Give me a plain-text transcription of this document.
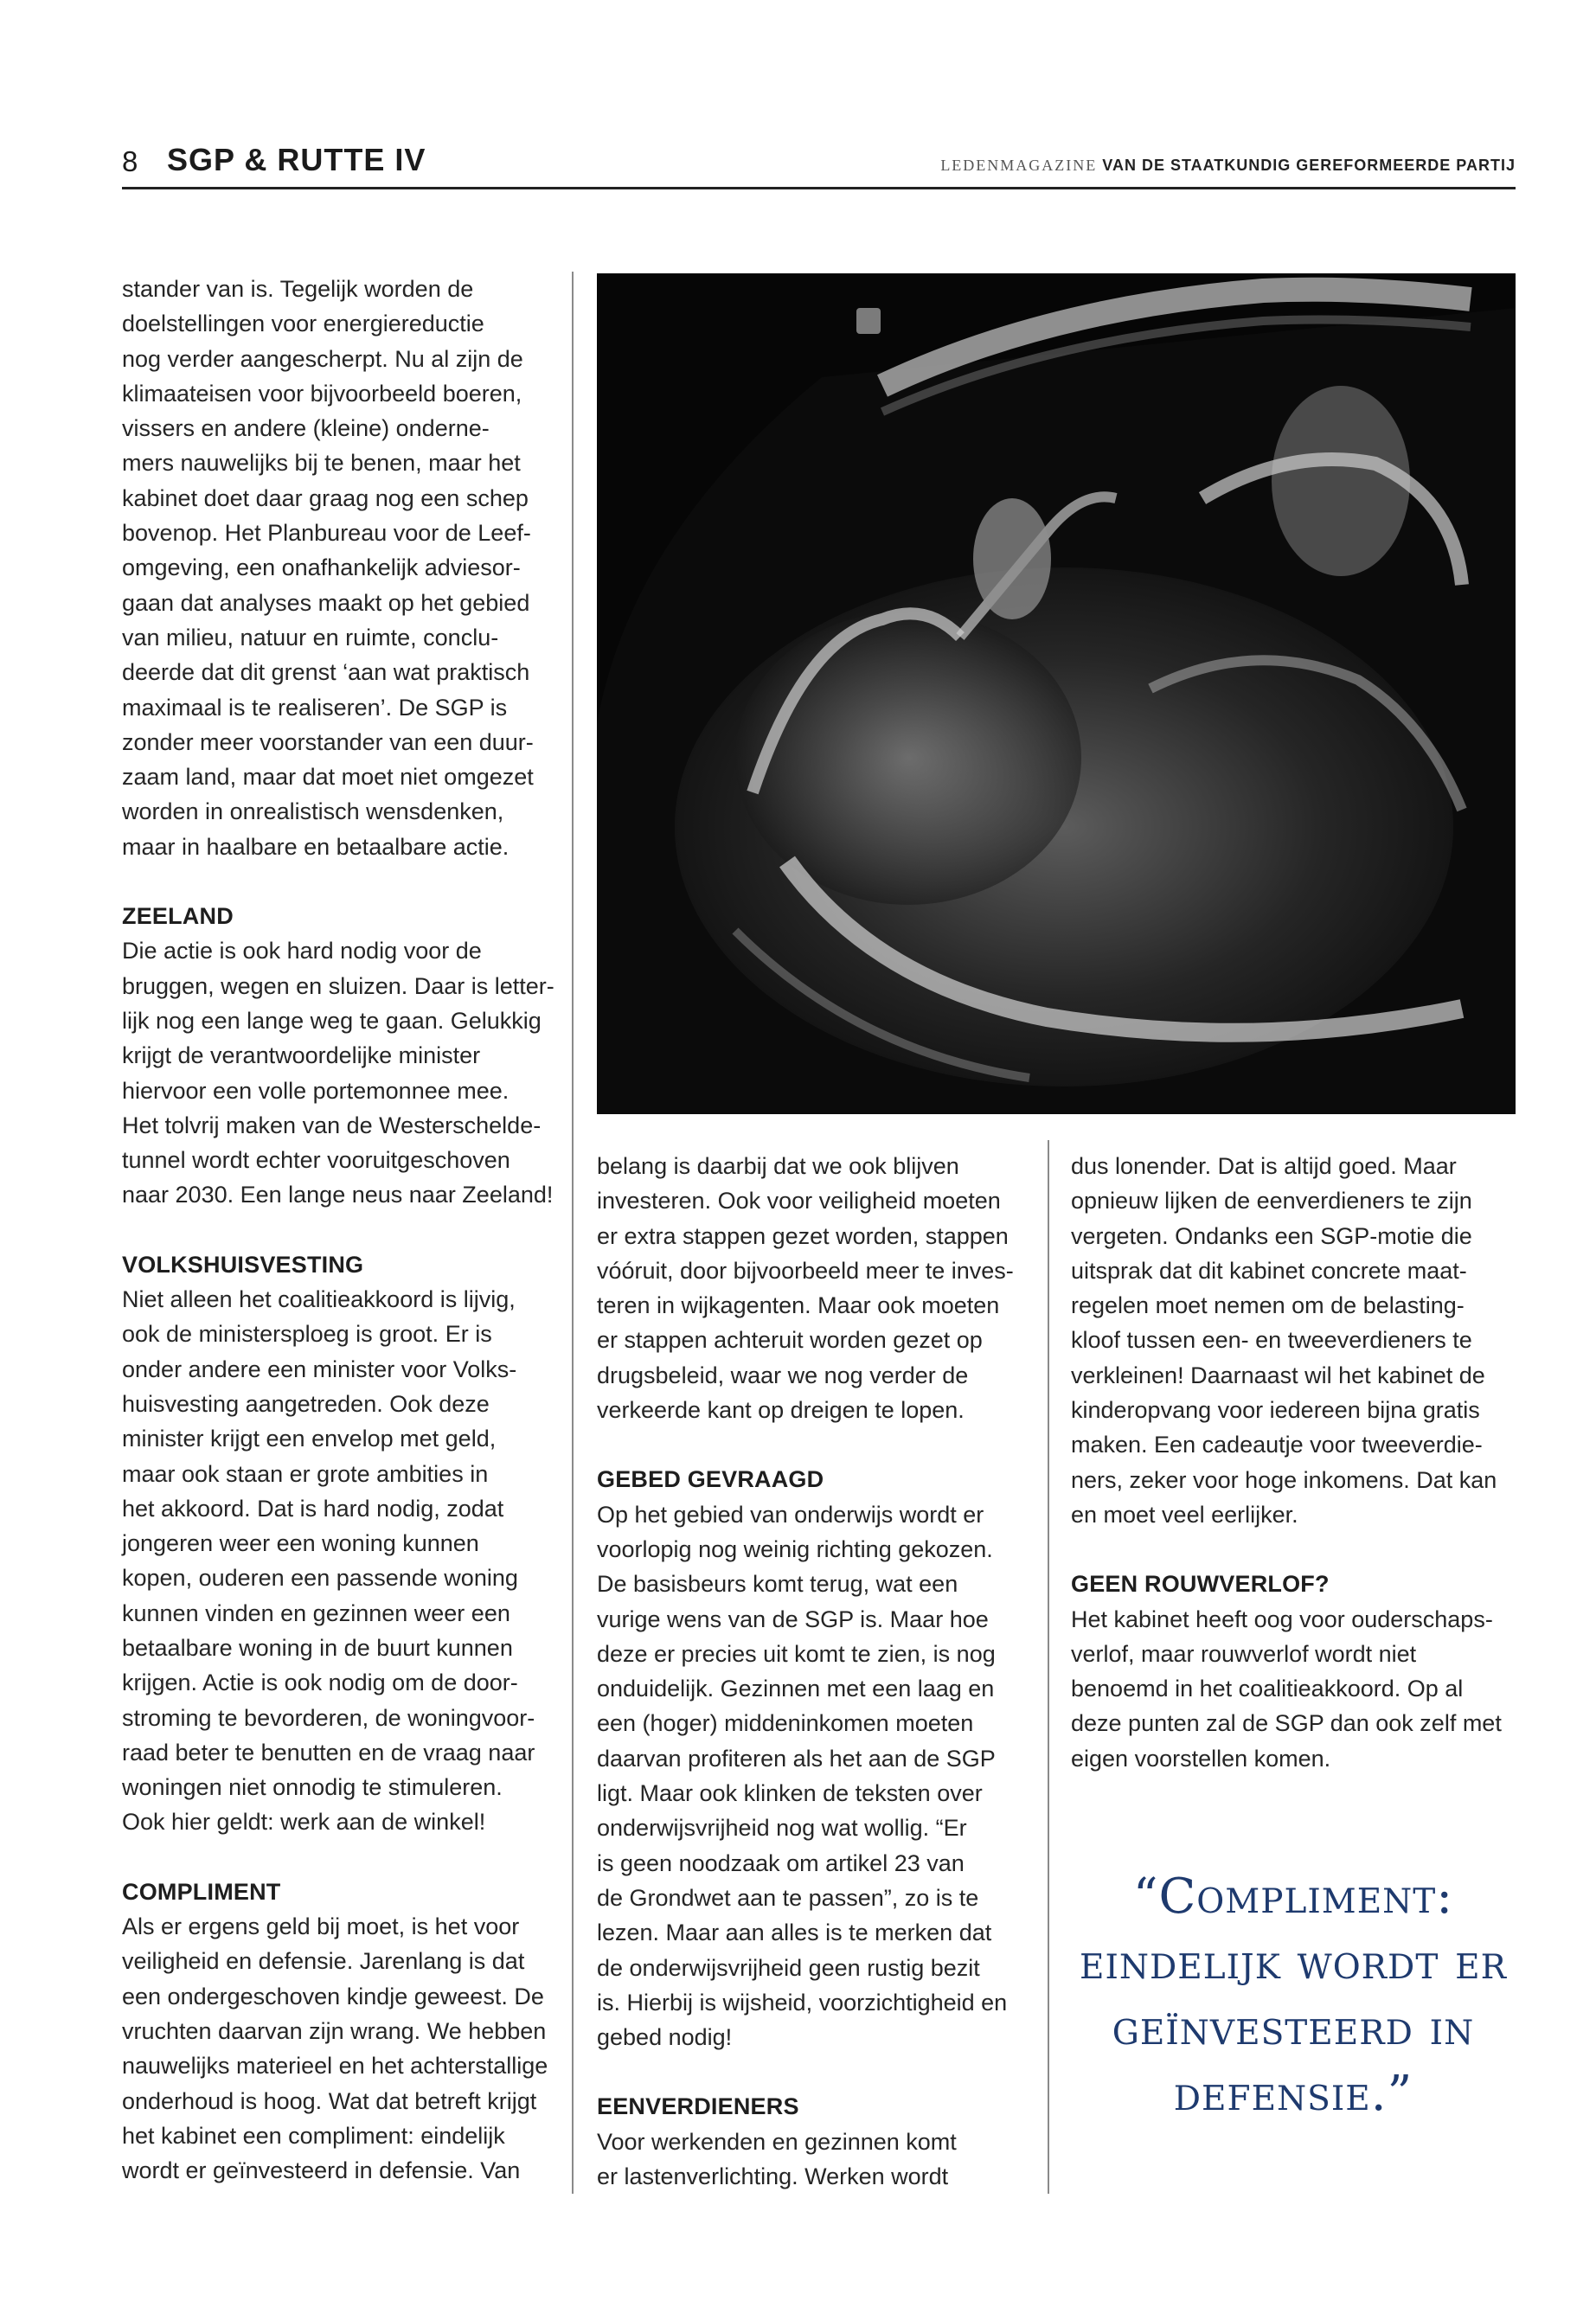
8 SGP & RUTTE IV	LEDENMAGAZINE VAN DE STAATKUNDIG GEREFORMEERDE PARTIJ
stander van is. Tegelijk worden de
doelstellingen voor energiereductie
nog verder aangescherpt. Nu al zijn de
klimaateisen voor bijvoorbeeld boeren,
vissers en andere (kleine) onderne-
mers nauwelijks bij te benen, maar het
kabinet doet daar graag nog een schep
bovenop. Het Planbureau voor de Leef-
omgeving, een onafhankelijk adviesor-
gaan dat analyses maakt op het gebied
van milieu, natuur en ruimte, conclu-
deerde dat dit grenst ‘aan wat praktisch
maximaal is te realiseren’. De SGP is
zonder meer voorstander van een duur-
zaam land, maar dat moet niet omgezet
worden in onrealistisch wensdenken,
maar in haalbare en betaalbare actie.
ZEELAND
Die actie is ook hard nodig voor de
bruggen, wegen en sluizen. Daar is letter-
lijk nog een lange weg te gaan. Gelukkig
krijgt de verantwoordelijke minister
hiervoor een volle portemonnee mee.
Het tolvrij maken van de Westerschelde-
tunnel wordt echter vooruitgeschoven
naar 2030. Een lange neus naar Zeeland!
VOLKSHUISVESTING
Niet alleen het coalitieakkoord is lijvig,
ook de ministersploeg is groot. Er is
onder andere een minister voor Volks-
huisvesting aangetreden. Ook deze
minister krijgt een envelop met geld,
maar ook staan er grote ambities in
het akkoord. Dat is hard nodig, zodat
jongeren weer een woning kunnen
kopen, ouderen een passende woning
kunnen vinden en gezinnen weer een
betaalbare woning in de buurt kunnen
krijgen. Actie is ook nodig om de door-
stroming te bevorderen, de woningvoor-
raad beter te benutten en de vraag naar
woningen niet onnodig te stimuleren.
Ook hier geldt: werk aan de winkel!
COMPLIMENT
Als er ergens geld bij moet, is het voor
veiligheid en defensie. Jarenlang is dat
een ondergeschoven kindje geweest. De
vruchten daarvan zijn wrang. We hebben
nauwelijks materieel en het achterstallige
onderhoud is hoog. Wat dat betreft krijgt
het kabinet een compliment: eindelijk
wordt er geïnvesteerd in defensie. Van
belang is daarbij dat we ook blijven
investeren. Ook voor veiligheid moeten
er extra stappen gezet worden, stappen
vóóruit, door bijvoorbeeld meer te inves-
teren in wijkagenten. Maar ook moeten
er stappen achteruit worden gezet op
drugsbeleid, waar we nog verder de
verkeerde kant op dreigen te lopen.
GEBED GEVRAAGD
Op het gebied van onderwijs wordt er
voorlopig nog weinig richting gekozen.
De basisbeurs komt terug, wat een
vurige wens van de SGP is. Maar hoe
deze er precies uit komt te zien, is nog
onduidelijk. Gezinnen met een laag en
een (hoger) middeninkomen moeten
daarvan profiteren als het aan de SGP
ligt. Maar ook klinken de teksten over
onderwijsvrijheid nog wat wollig. “Er
is geen noodzaak om artikel 23 van
de Grondwet aan te passen”, zo is te
lezen. Maar aan alles is te merken dat
de onderwijsvrijheid geen rustig bezit
is. Hierbij is wijsheid, voorzichtigheid en
gebed nodig!
EENVERDIENERS
Voor werkenden en gezinnen komt
er lastenverlichting. Werken wordt
dus lonender. Dat is altijd goed. Maar
opnieuw lijken de eenverdieners te zijn
vergeten. Ondanks een SGP-motie die
uitsprak dat dit kabinet concrete maat-
regelen moet nemen om de belasting-
kloof tussen een- en tweeverdieners te
verkleinen! Daarnaast wil het kabinet de
kinderopvang voor iedereen bijna gratis
maken. Een cadeautje voor tweeverdie-
ners, zeker voor hoge inkomens. Dat kan
en moet veel eerlijker.
GEEN ROUWVERLOF?
Het kabinet heeft oog voor ouderschaps-
verlof, maar rouwverlof wordt niet
benoemd in het coalitieakkoord. Op al
deze punten zal de SGP dan ook zelf met
eigen voorstellen komen.
“Compliment:
eindelijk wordt er
geïnvesteerd in
defensie.”
